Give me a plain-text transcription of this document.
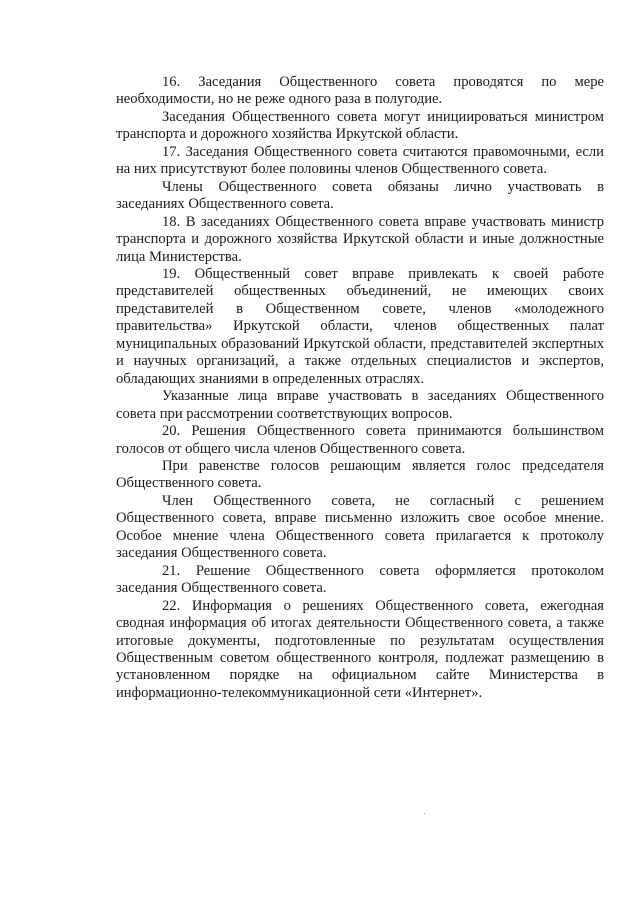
16. Заседания Общественного совета проводятся по мере необходимости, но не реже одного раза в полугодие.

Заседания Общественного совета могут инициироваться министром транспорта и дорожного хозяйства Иркутской области.

17. Заседания Общественного совета считаются правомочными, если на них присутствуют более половины членов Общественного совета.

Члены Общественного совета обязаны лично участвовать в заседаниях Общественного совета.

18. В заседаниях Общественного совета вправе участвовать министр транспорта и дорожного хозяйства Иркутской области и иные должностные лица Министерства.

19. Общественный совет вправе привлекать к своей работе представителей общественных объединений, не имеющих своих представителей в Общественном совете, членов «молодежного правительства» Иркутской области, членов общественных палат муниципальных образований Иркутской области, представителей экспертных и научных организаций, а также отдельных специалистов и экспертов, обладающих знаниями в определенных отраслях.

Указанные лица вправе участвовать в заседаниях Общественного совета при рассмотрении соответствующих вопросов.

20. Решения Общественного совета принимаются большинством голосов от общего числа членов Общественного совета.

При равенстве голосов решающим является голос председателя Общественного совета.

Член Общественного совета, не согласный с решением Общественного совета, вправе письменно изложить свое особое мнение. Особое мнение члена Общественного совета прилагается к протоколу заседания Общественного совета.

21. Решение Общественного совета оформляется протоколом заседания Общественного совета.

22. Информация о решениях Общественного совета, ежегодная сводная информация об итогах деятельности Общественного совета, а также итоговые документы, подготовленные по результатам осуществления Общественным советом общественного контроля, подлежат размещению в установленном порядке на официальном сайте Министерства в информационно-телекоммуникационной сети «Интернет».
